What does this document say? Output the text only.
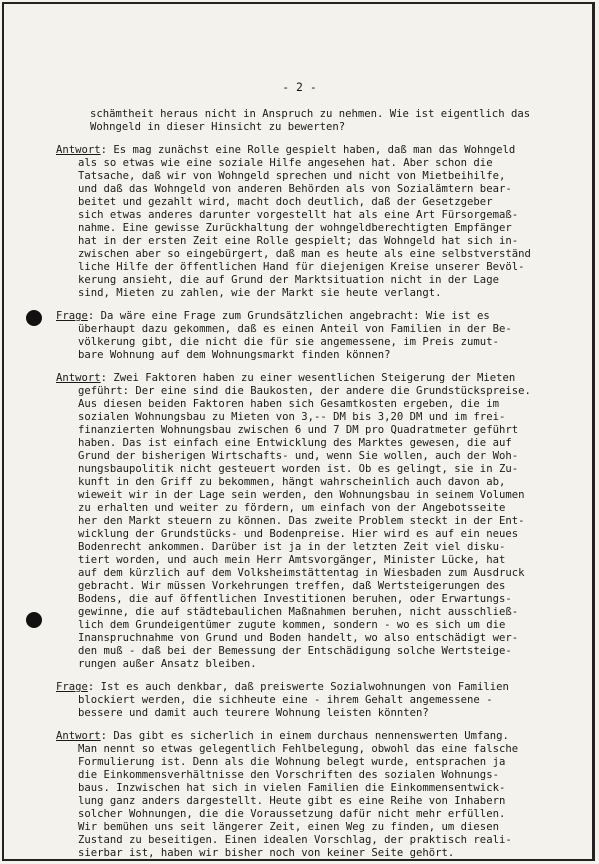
- 2 -
schämtheit heraus nicht in Anspruch zu nehmen. Wie ist eigentlich das
Wohngeld in dieser Hinsicht zu bewerten?
Antwort: Es mag zunächst eine Rolle gespielt haben, daß man das Wohngeld
als so etwas wie eine soziale Hilfe angesehen hat. Aber schon die
Tatsache, daß wir von Wohngeld sprechen und nicht von Mietbeihilfe,
und daß das Wohngeld von anderen Behörden als von Sozialämtern bear-
beitet und gezahlt wird, macht doch deutlich, daß der Gesetzgeber
sich etwas anderes darunter vorgestellt hat als eine Art Fürsorgemaß-
nahme. Eine gewisse Zurückhaltung der wohngeldberechtigten Empfänger
hat in der ersten Zeit eine Rolle gespielt; das Wohngeld hat sich in-
zwischen aber so eingebürgert, daß man es heute als eine selbstverständ
liche Hilfe der öffentlichen Hand für diejenigen Kreise unserer Bevöl-
kerung ansieht, die auf Grund der Marktsituation nicht in der Lage
sind, Mieten zu zahlen, wie der Markt sie heute verlangt.
Frage: Da wäre eine Frage zum Grundsätzlichen angebracht: Wie ist es
überhaupt dazu gekommen, daß es einen Anteil von Familien in der Be-
völkerung gibt, die nicht die für sie angemessene, im Preis zumut-
bare Wohnung auf dem Wohnungsmarkt finden können?
Antwort: Zwei Faktoren haben zu einer wesentlichen Steigerung der Mieten
geführt: Der eine sind die Baukosten, der andere die Grundstückspreise.
Aus diesen beiden Faktoren haben sich Gesamtkosten ergeben, die im
sozialen Wohnungsbau zu Mieten von 3,-- DM bis 3,20 DM und im frei-
finanzierten Wohnungsbau zwischen 6 und 7 DM pro Quadratmeter geführt
haben. Das ist einfach eine Entwicklung des Marktes gewesen, die auf
Grund der bisherigen Wirtschafts- und, wenn Sie wollen, auch der Woh-
nungsbaupolitik nicht gesteuert worden ist. Ob es gelingt, sie in Zu-
kunft in den Griff zu bekommen, hängt wahrscheinlich auch davon ab,
wieweit wir in der Lage sein werden, den Wohnungsbau in seinem Volumen
zu erhalten und weiter zu fördern, um einfach von der Angebotsseite
her den Markt steuern zu können. Das zweite Problem steckt in der Ent-
wicklung der Grundstücks- und Bodenpreise. Hier wird es auf ein neues
Bodenrecht ankommen. Darüber ist ja in der letzten Zeit viel disku-
tiert worden, und auch mein Herr Amtsvorgänger, Minister Lücke, hat
auf dem kürzlich auf dem Volksheimstättentag in Wiesbaden zum Ausdruck
gebracht. Wir müssen Vorkehrungen treffen, daß Wertsteigerungen des
Bodens, die auf öffentlichen Investitionen beruhen, oder Erwartungs-
gewinne, die auf städtebaulichen Maßnahmen beruhen, nicht ausschließ-
lich dem Grundeigentümer zugute kommen, sondern - wo es sich um die
Inanspruchnahme von Grund und Boden handelt, wo also entschädigt wer-
den muß - daß bei der Bemessung der Entschädigung solche Wertsteige-
rungen außer Ansatz bleiben.
Frage: Ist es auch denkbar, daß preiswerte Sozialwohnungen von Familien
blockiert werden, die sichheute eine - ihrem Gehalt angemessene -
bessere und damit auch teurere Wohnung leisten könnten?
Antwort: Das gibt es sicherlich in einem durchaus nennenswerten Umfang.
Man nennt so etwas gelegentlich Fehlbelegung, obwohl das eine falsche
Formulierung ist. Denn als die Wohnung belegt wurde, entsprachen ja
die Einkommensverhältnisse den Vorschriften des sozialen Wohnungs-
baus. Inzwischen hat sich in vielen Familien die Einkommensentwick-
lung ganz anders dargestellt. Heute gibt es eine Reihe von Inhabern
solcher Wohnungen, die die Voraussetzung dafür nicht mehr erfüllen.
Wir bemühen uns seit längerer Zeit, einen Weg zu finden, um diesen
Zustand zu beseitigen. Einen idealen Vorschlag, der praktisch reali-
sierbar ist, haben wir bisher noch von keiner Seite gehört.
